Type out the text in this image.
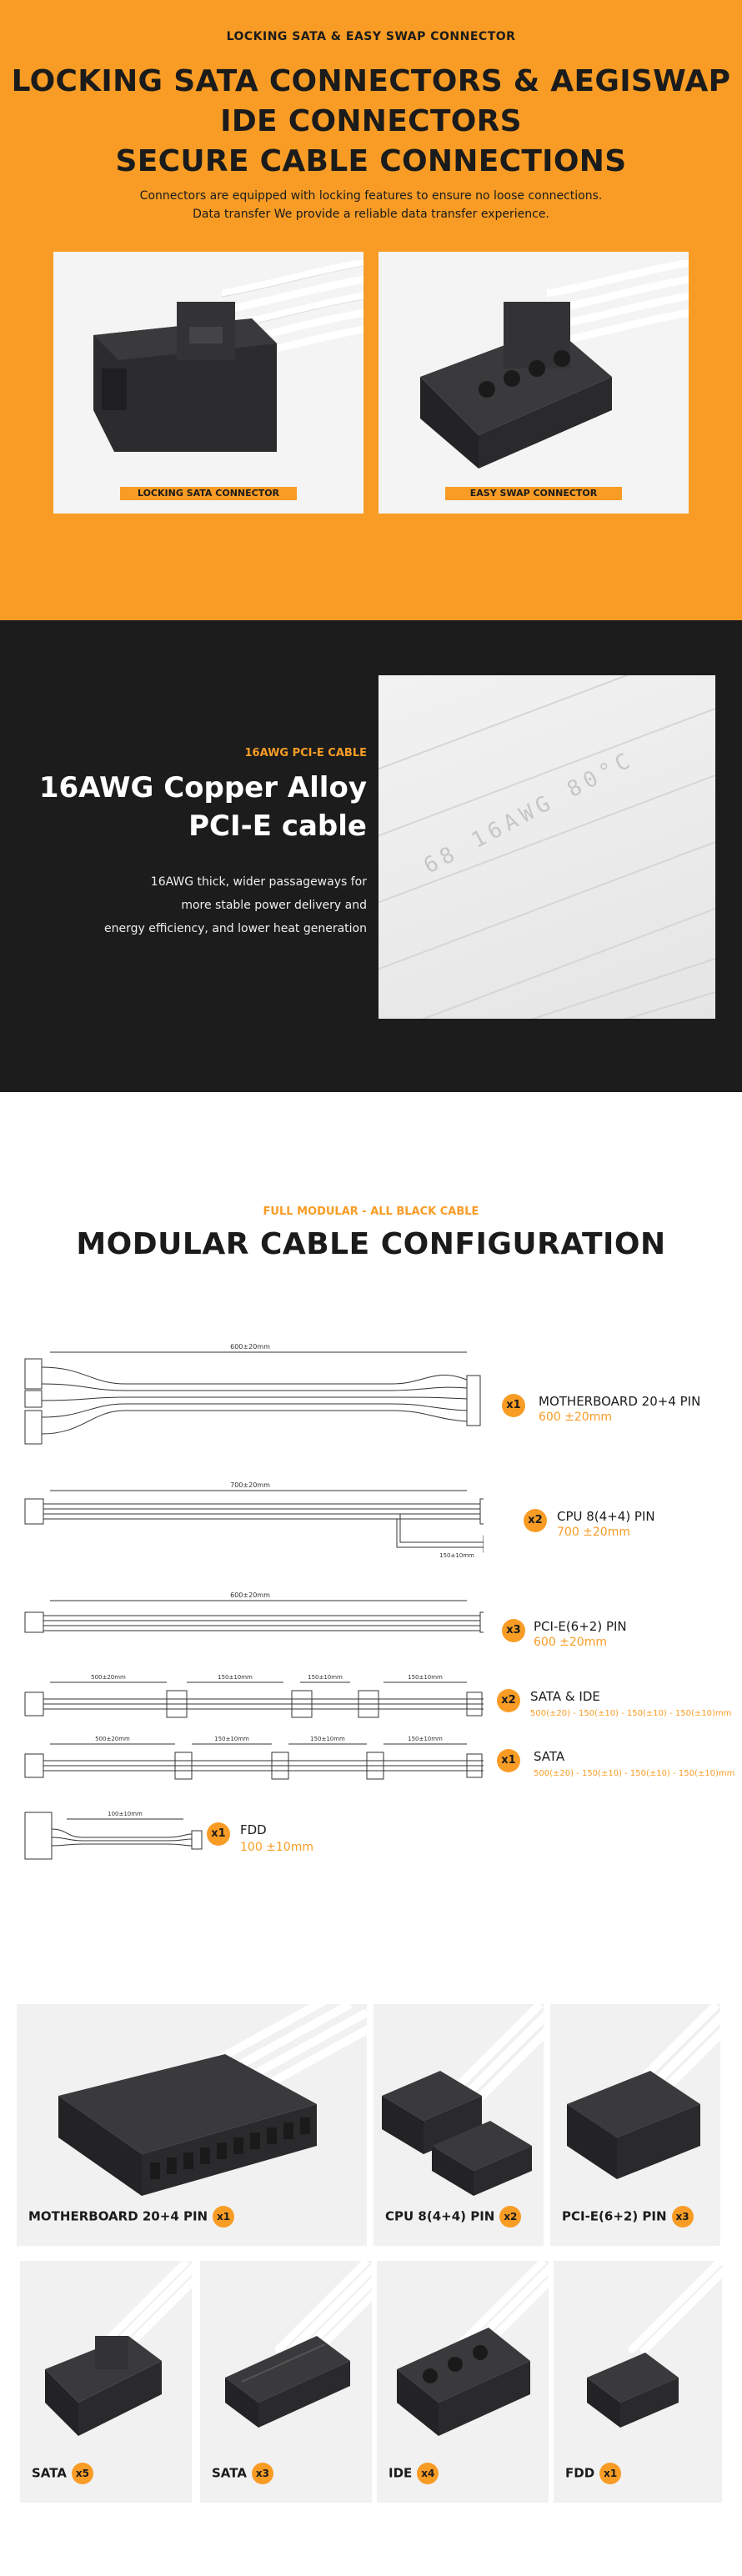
LOCKING SATA & EASY SWAP CONNECTOR
LOCKING SATA CONNECTORS & AEGISWAP
IDE CONNECTORS
SECURE CABLE CONNECTIONS
Connectors are equipped with locking features to ensure no loose connections.
Data transfer We provide a reliable data transfer experience.
LOCKING SATA CONNECTOR	EASY SWAP CONNECTOR
16AWG PCI-E CABLE
16AWG Copper Alloy
PCI-E cable
16AWG thick, wider passageways for
more stable power delivery and
energy efficiency, and lower heat generation
68 16AWG 80°C
FULL MODULAR - ALL BLACK CABLE
MODULAR CABLE CONFIGURATION
600±20mm
x1	MOTHERBOARD 20+4 PIN
600 ±20mm
700±20mm
150±10mm
x2	CPU 8(4+4) PIN
700 ±20mm
600±20mm
x3	PCI-E(6+2) PIN
600 ±20mm
500±20mm	150±10mm	150±10mm	150±10mm
x2	SATA & IDE
500(±20) - 150(±10) - 150(±10) - 150(±10)mm
500±20mm	150±10mm	150±10mm	150±10mm
x1	SATA
500(±20) - 150(±10) - 150(±10) - 150(±10)mm
100±10mm
x1	FDD
100 ±10mm
MOTHERBOARD 20+4 PIN x1	CPU 8(4+4) PIN x2	PCI-E(6+2) PIN x3
SATA x5	SATA x3	IDE x4	FDD x1
